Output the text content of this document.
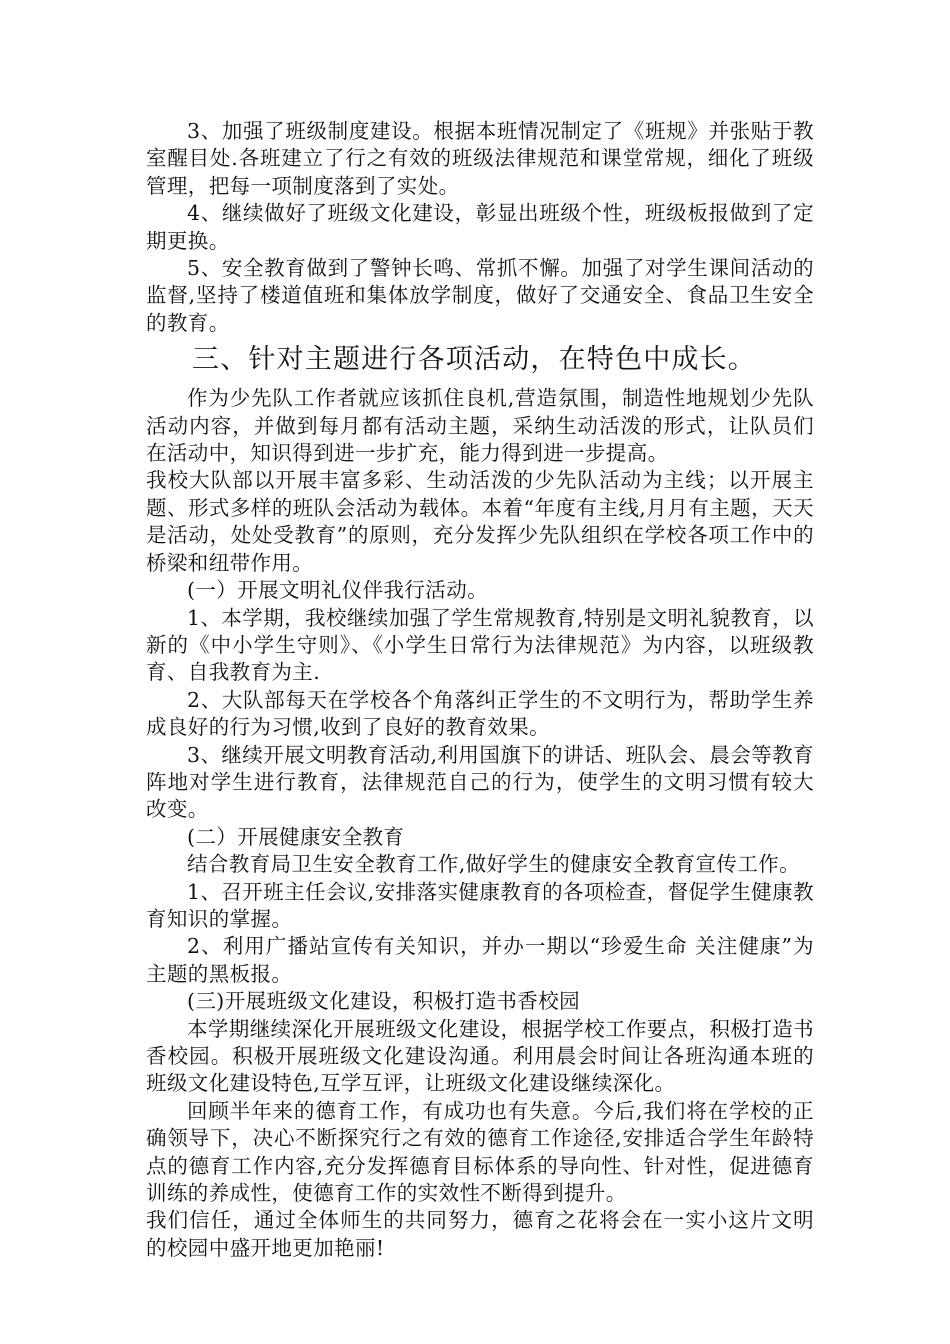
3、加强了班级制度建设。根据本班情况制定了《班规》并张贴于教室醒目处.各班建立了行之有效的班级法律规范和课堂常规，细化了班级管理，把每一项制度落到了实处。

4、继续做好了班级文化建设，彰显出班级个性，班级板报做到了定期更换。

5、安全教育做到了警钟长鸣、常抓不懈。加强了对学生课间活动的监督,坚持了楼道值班和集体放学制度，做好了交通安全、食品卫生安全的教育。

三、针对主题进行各项活动，在特色中成长。

作为少先队工作者就应该抓住良机,营造氛围，制造性地规划少先队活动内容，并做到每月都有活动主题，采纳生动活泼的形式，让队员们在活动中，知识得到进一步扩充，能力得到进一步提高。

我校大队部以开展丰富多彩、生动活泼的少先队活动为主线；以开展主题、形式多样的班队会活动为载体。本着“年度有主线,月月有主题，天天是活动，处处受教育”的原则，充分发挥少先队组织在学校各项工作中的桥梁和纽带作用。

(一）开展文明礼仪伴我行活动。

1、本学期，我校继续加强了学生常规教育,特别是文明礼貌教育，以新的《中小学生守则》、《小学生日常行为法律规范》为内容，以班级教育、自我教育为主.

2、大队部每天在学校各个角落纠正学生的不文明行为，帮助学生养成良好的行为习惯,收到了良好的教育效果。

3、继续开展文明教育活动,利用国旗下的讲话、班队会、晨会等教育阵地对学生进行教育，法律规范自己的行为，使学生的文明习惯有较大改变。

(二）开展健康安全教育

结合教育局卫生安全教育工作,做好学生的健康安全教育宣传工作。

1、召开班主任会议,安排落实健康教育的各项检查，督促学生健康教育知识的掌握。

2、利用广播站宣传有关知识，并办一期以“珍爱生命 关注健康”为主题的黑板报。

(三)开展班级文化建设，积极打造书香校园

本学期继续深化开展班级文化建设，根据学校工作要点，积极打造书香校园。积极开展班级文化建设沟通。利用晨会时间让各班沟通本班的班级文化建设特色,互学互评，让班级文化建设继续深化。

回顾半年来的德育工作，有成功也有失意。今后,我们将在学校的正确领导下，决心不断探究行之有效的德育工作途径,安排适合学生年龄特点的德育工作内容,充分发挥德育目标体系的导向性、针对性，促进德育训练的养成性，使德育工作的实效性不断得到提升。

我们信任，通过全体师生的共同努力，德育之花将会在一实小这片文明的校园中盛开地更加艳丽!
